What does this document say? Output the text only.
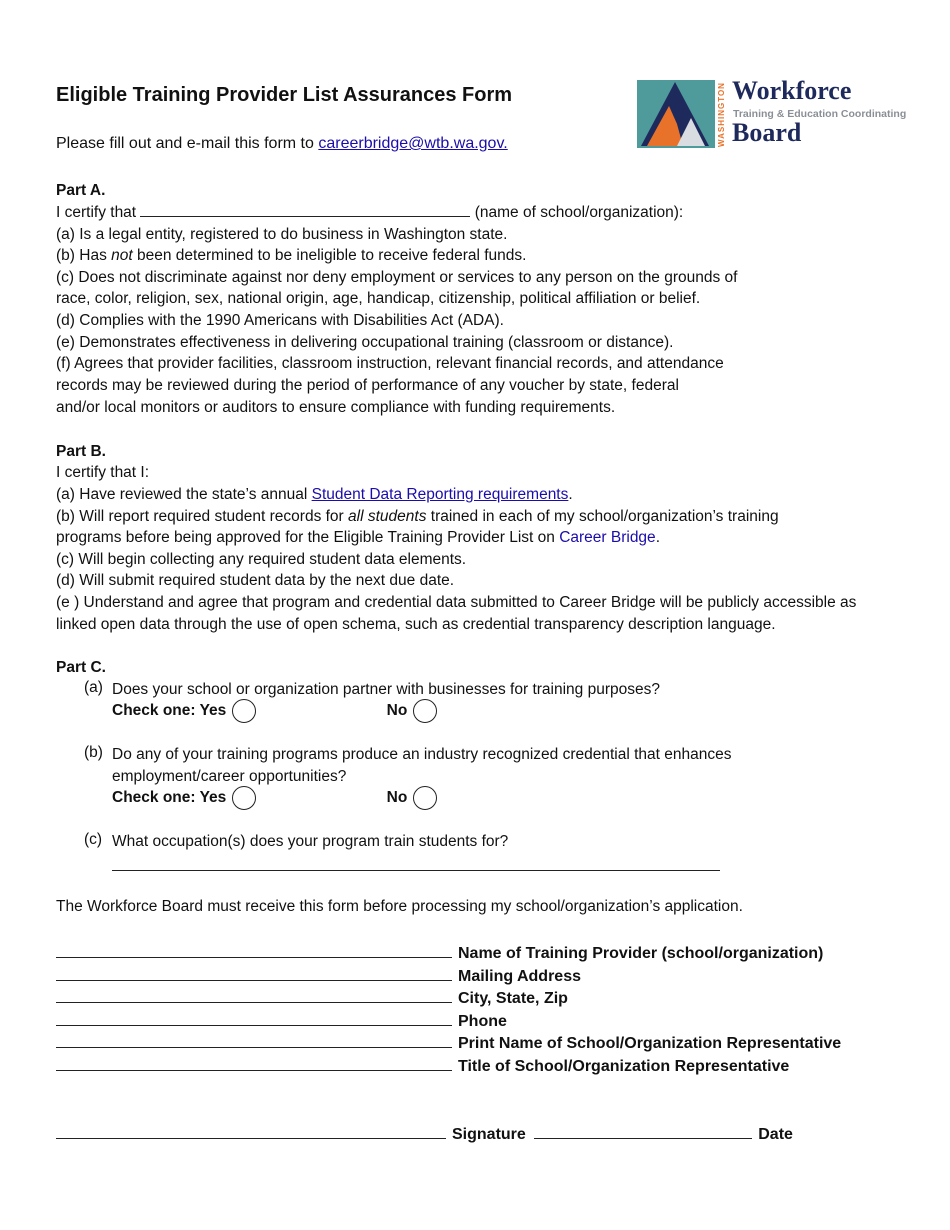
Eligible Training Provider List Assurances Form
Please fill out and e-mail this form to careerbridge@wtb.wa.gov.	WASHINGTON Workforce
Training & Education Coordinating
Board
Part A.
I certify that	(name of school/organization):
(a) Is a legal entity, registered to do business in Washington state.
(b) Has not been determined to be ineligible to receive federal funds.
(c) Does not discriminate against nor deny employment or services to any person on the grounds of
race, color, religion, sex, national origin, age, handicap, citizenship, political affiliation or belief.
(d) Complies with the 1990 Americans with Disabilities Act (ADA).
(e) Demonstrates effectiveness in delivering occupational training (classroom or distance).
(f) Agrees that provider facilities, classroom instruction, relevant financial records, and attendance
records may be reviewed during the period of performance of any voucher by state, federal
and/or local monitors or auditors to ensure compliance with funding requirements.
Part B.
I certify that I:
(a) Have reviewed the state’s annual Student Data Reporting requirements.
(b) Will report required student records for all students trained in each of my school/organization’s training
programs before being approved for the Eligible Training Provider List on Career Bridge.
(c) Will begin collecting any required student data elements.
(d) Will submit required student data by the next due date.
(e ) Understand and agree that program and credential data submitted to Career Bridge will be publicly accessible as
linked open data through the use of open schema, such as credential transparency description language.
Part C.
(a) Does your school or organization partner with businesses for training purposes?
Check one: Yes	No
(b) Do any of your training programs produce an industry recognized credential that enhances
employment/career opportunities?
Check one: Yes	No
(c) What occupation(s) does your program train students for?
The Workforce Board must receive this form before processing my school/organization’s application.
Name of Training Provider (school/organization)
Mailing Address
City, State, Zip
Phone
Print Name of School/Organization Representative
Title of School/Organization Representative
Signature	Date
